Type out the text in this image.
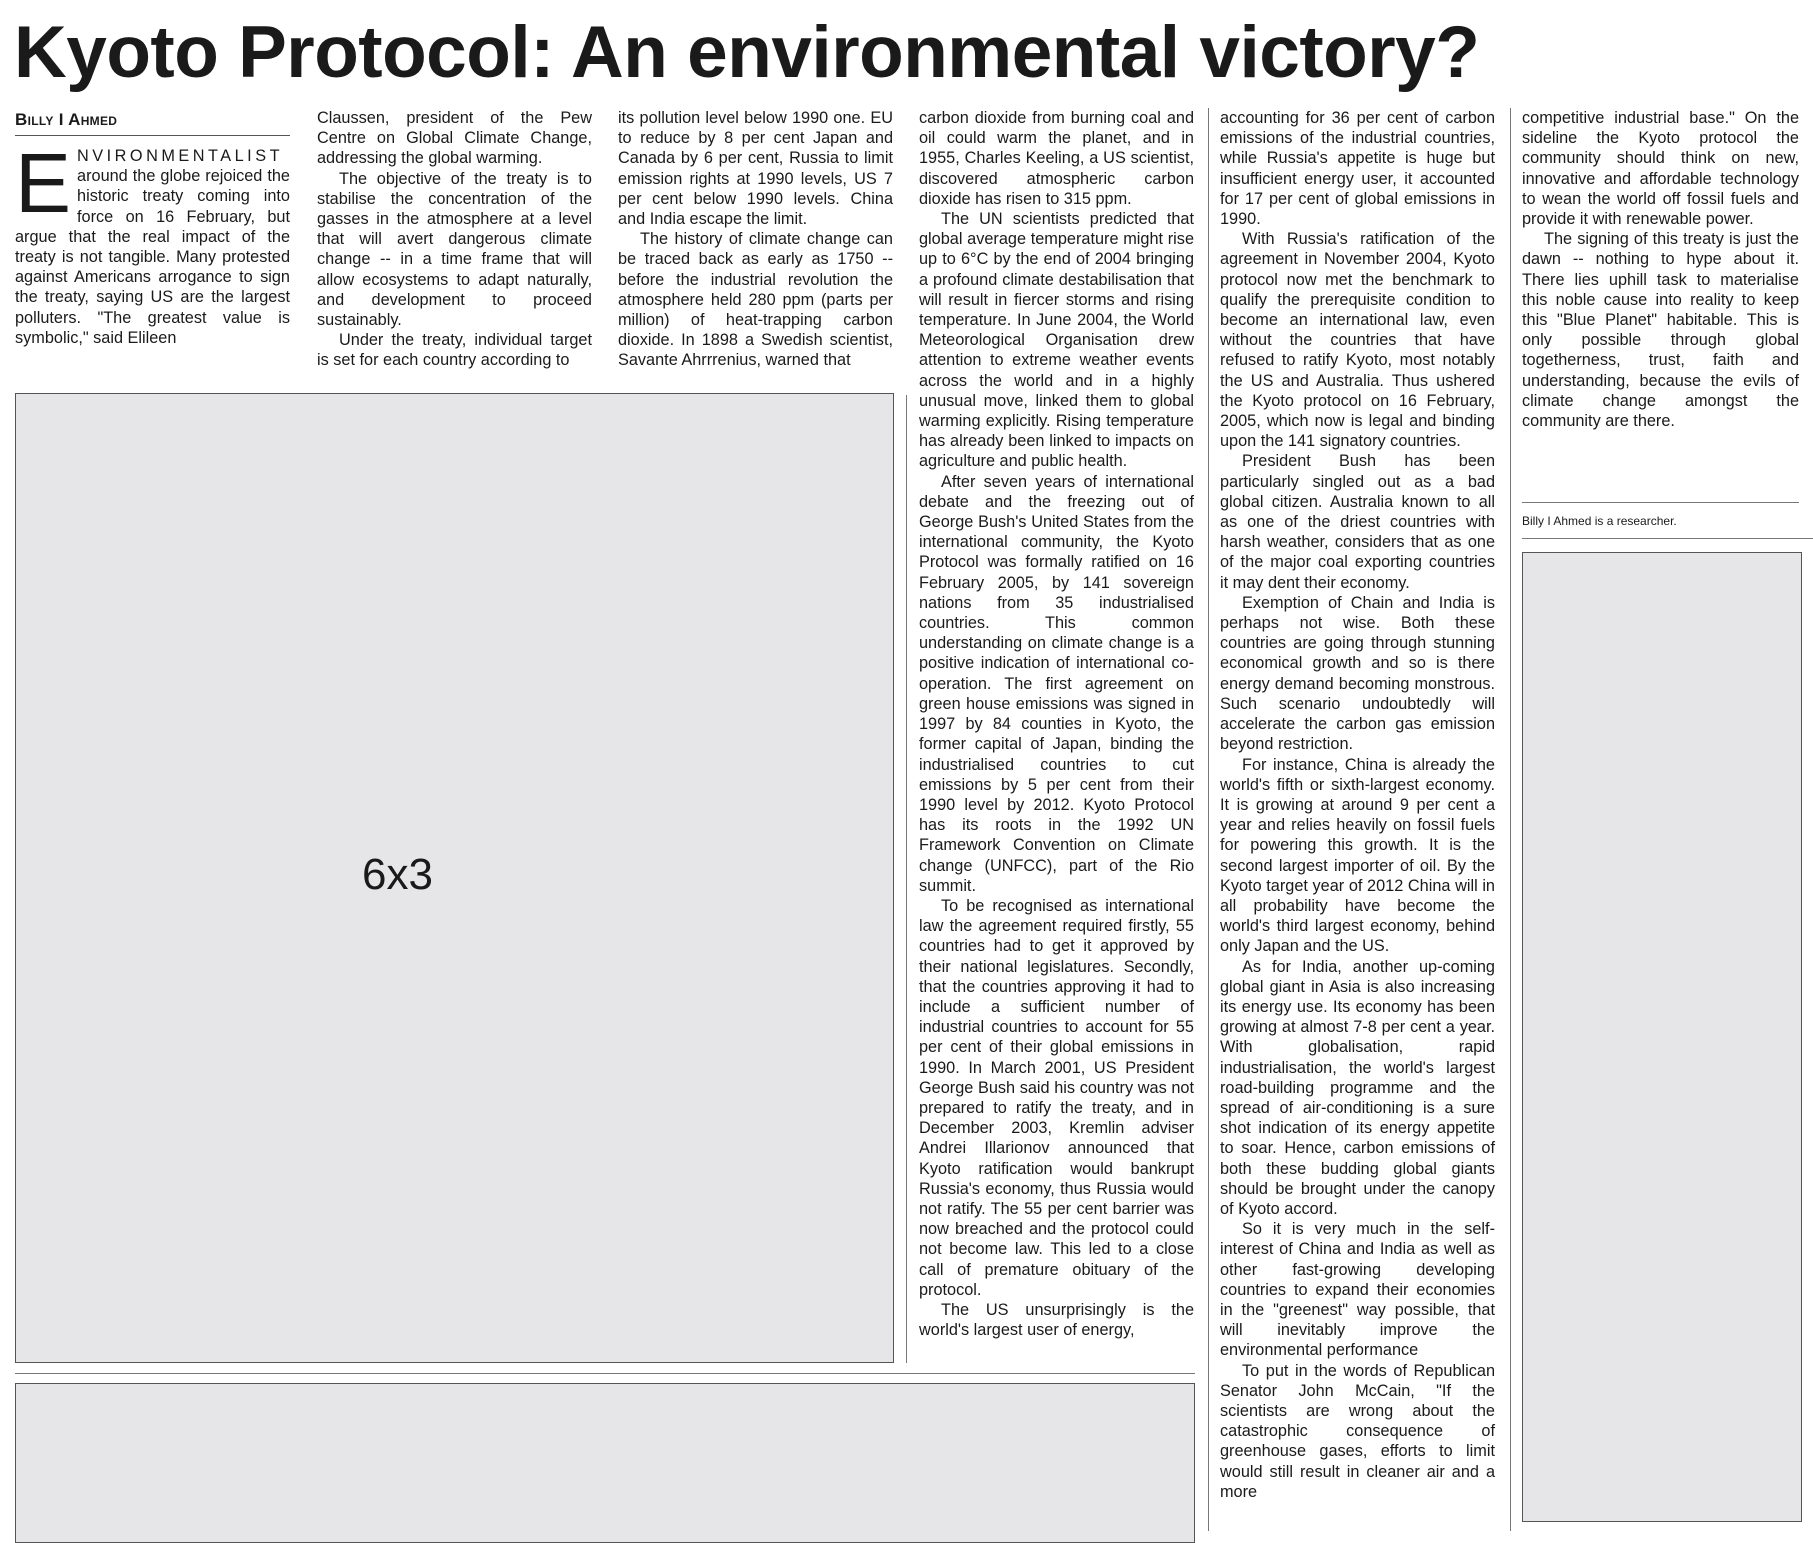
Kyoto Protocol: An environmental victory?
Billy I Ahmed

ENVIRONMENTALIST around the globe rejoiced the historic treaty coming into force on 16 February, but argue that the real impact of the treaty is not tangible. Many protested against Americans arrogance to sign the treaty, saying US are the largest polluters. "The greatest value is symbolic," said Elileen

Claussen, president of the Pew Centre on Global Climate Change, addressing the global warming.

The objective of the treaty is to stabilise the concentration of the gasses in the atmosphere at a level that will avert dangerous climate change -- in a time frame that will allow ecosystems to adapt naturally, and development to proceed sustainably.

Under the treaty, individual target is set for each country according to

its pollution level below 1990 one. EU to reduce by 8 per cent Japan and Canada by 6 per cent, Russia to limit emission rights at 1990 levels, US 7 per cent below 1990 levels. China and India escape the limit.

The history of climate change can be traced back as early as 1750 -- before the industrial revolution the atmosphere held 280 ppm (parts per million) of heat-trapping carbon dioxide. In 1898 a Swedish scientist, Savante Ahrrrenius, warned that

carbon dioxide from burning coal and oil could warm the planet, and in 1955, Charles Keeling, a US scientist, discovered atmospheric carbon dioxide has risen to 315 ppm.

The UN scientists predicted that global average temperature might rise up to 6°C by the end of 2004 bringing a profound climate destabilisation that will result in fiercer storms and rising temperature. In June 2004, the World Meteorological Organisation drew attention to extreme weather events across the world and in a highly unusual move, linked them to global warming explicitly. Rising temperature has already been linked to impacts on agriculture and public health.

After seven years of international debate and the freezing out of George Bush's United States from the international community, the Kyoto Protocol was formally ratified on 16 February 2005, by 141 sovereign nations from 35 industrialised countries. This common understanding on climate change is a positive indication of international co-operation. The first agreement on green house emissions was signed in 1997 by 84 counties in Kyoto, the former capital of Japan, binding the industrialised countries to cut emissions by 5 per cent from their 1990 level by 2012. Kyoto Protocol has its roots in the 1992 UN Framework Convention on Climate change (UNFCC), part of the Rio summit.

To be recognised as international law the agreement required firstly, 55 countries had to get it approved by their national legislatures. Secondly, that the countries approving it had to include a sufficient number of industrial countries to account for 55 per cent of their global emissions in 1990. In March 2001, US President George Bush said his country was not prepared to ratify the treaty, and in December 2003, Kremlin adviser Andrei Illarionov announced that Kyoto ratification would bankrupt Russia's economy, thus Russia would not ratify. The 55 per cent barrier was now breached and the protocol could not become law. This led to a close call of premature obituary of the protocol.

The US unsurprisingly is the world's largest user of energy,

accounting for 36 per cent of carbon emissions of the industrial countries, while Russia's appetite is huge but insufficient energy user, it accounted for 17 per cent of global emissions in 1990.

With Russia's ratification of the agreement in November 2004, Kyoto protocol now met the benchmark to qualify the prerequisite condition to become an international law, even without the countries that have refused to ratify Kyoto, most notably the US and Australia. Thus ushered the Kyoto protocol on 16 February, 2005, which now is legal and binding upon the 141 signatory countries.

President Bush has been particularly singled out as a bad global citizen. Australia known to all as one of the driest countries with harsh weather, considers that as one of the major coal exporting countries it may dent their economy.

Exemption of Chain and India is perhaps not wise. Both these countries are going through stunning economical growth and so is there energy demand becoming monstrous. Such scenario undoubtedly will accelerate the carbon gas emission beyond restriction.

For instance, China is already the world's fifth or sixth-largest economy. It is growing at around 9 per cent a year and relies heavily on fossil fuels for powering this growth. It is the second largest importer of oil. By the Kyoto target year of 2012 China will in all probability have become the world's third largest economy, behind only Japan and the US.

As for India, another up-coming global giant in Asia is also increasing its energy use. Its economy has been growing at almost 7-8 per cent a year. With globalisation, rapid industrialisation, the world's largest road-building programme and the spread of air-conditioning is a sure shot indication of its energy appetite to soar. Hence, carbon emissions of both these budding global giants should be brought under the canopy of Kyoto accord.

So it is very much in the self-interest of China and India as well as other fast-growing developing countries to expand their economies in the "greenest" way possible, that will inevitably improve the environmental performance

To put in the words of Republican Senator John McCain, "If the scientists are wrong about the catastrophic consequence of greenhouse gases, efforts to limit would still result in cleaner air and a more

competitive industrial base." On the sideline the Kyoto protocol the community should think on new, innovative and affordable technology to wean the world off fossil fuels and provide it with renewable power.

The signing of this treaty is just the dawn -- nothing to hype about it. There lies uphill task to materialise this noble cause into reality to keep this "Blue Planet" habitable. This is only possible through global togetherness, trust, faith and understanding, because the evils of climate change amongst the community are there.

Billy I Ahmed is a researcher.
6x3
